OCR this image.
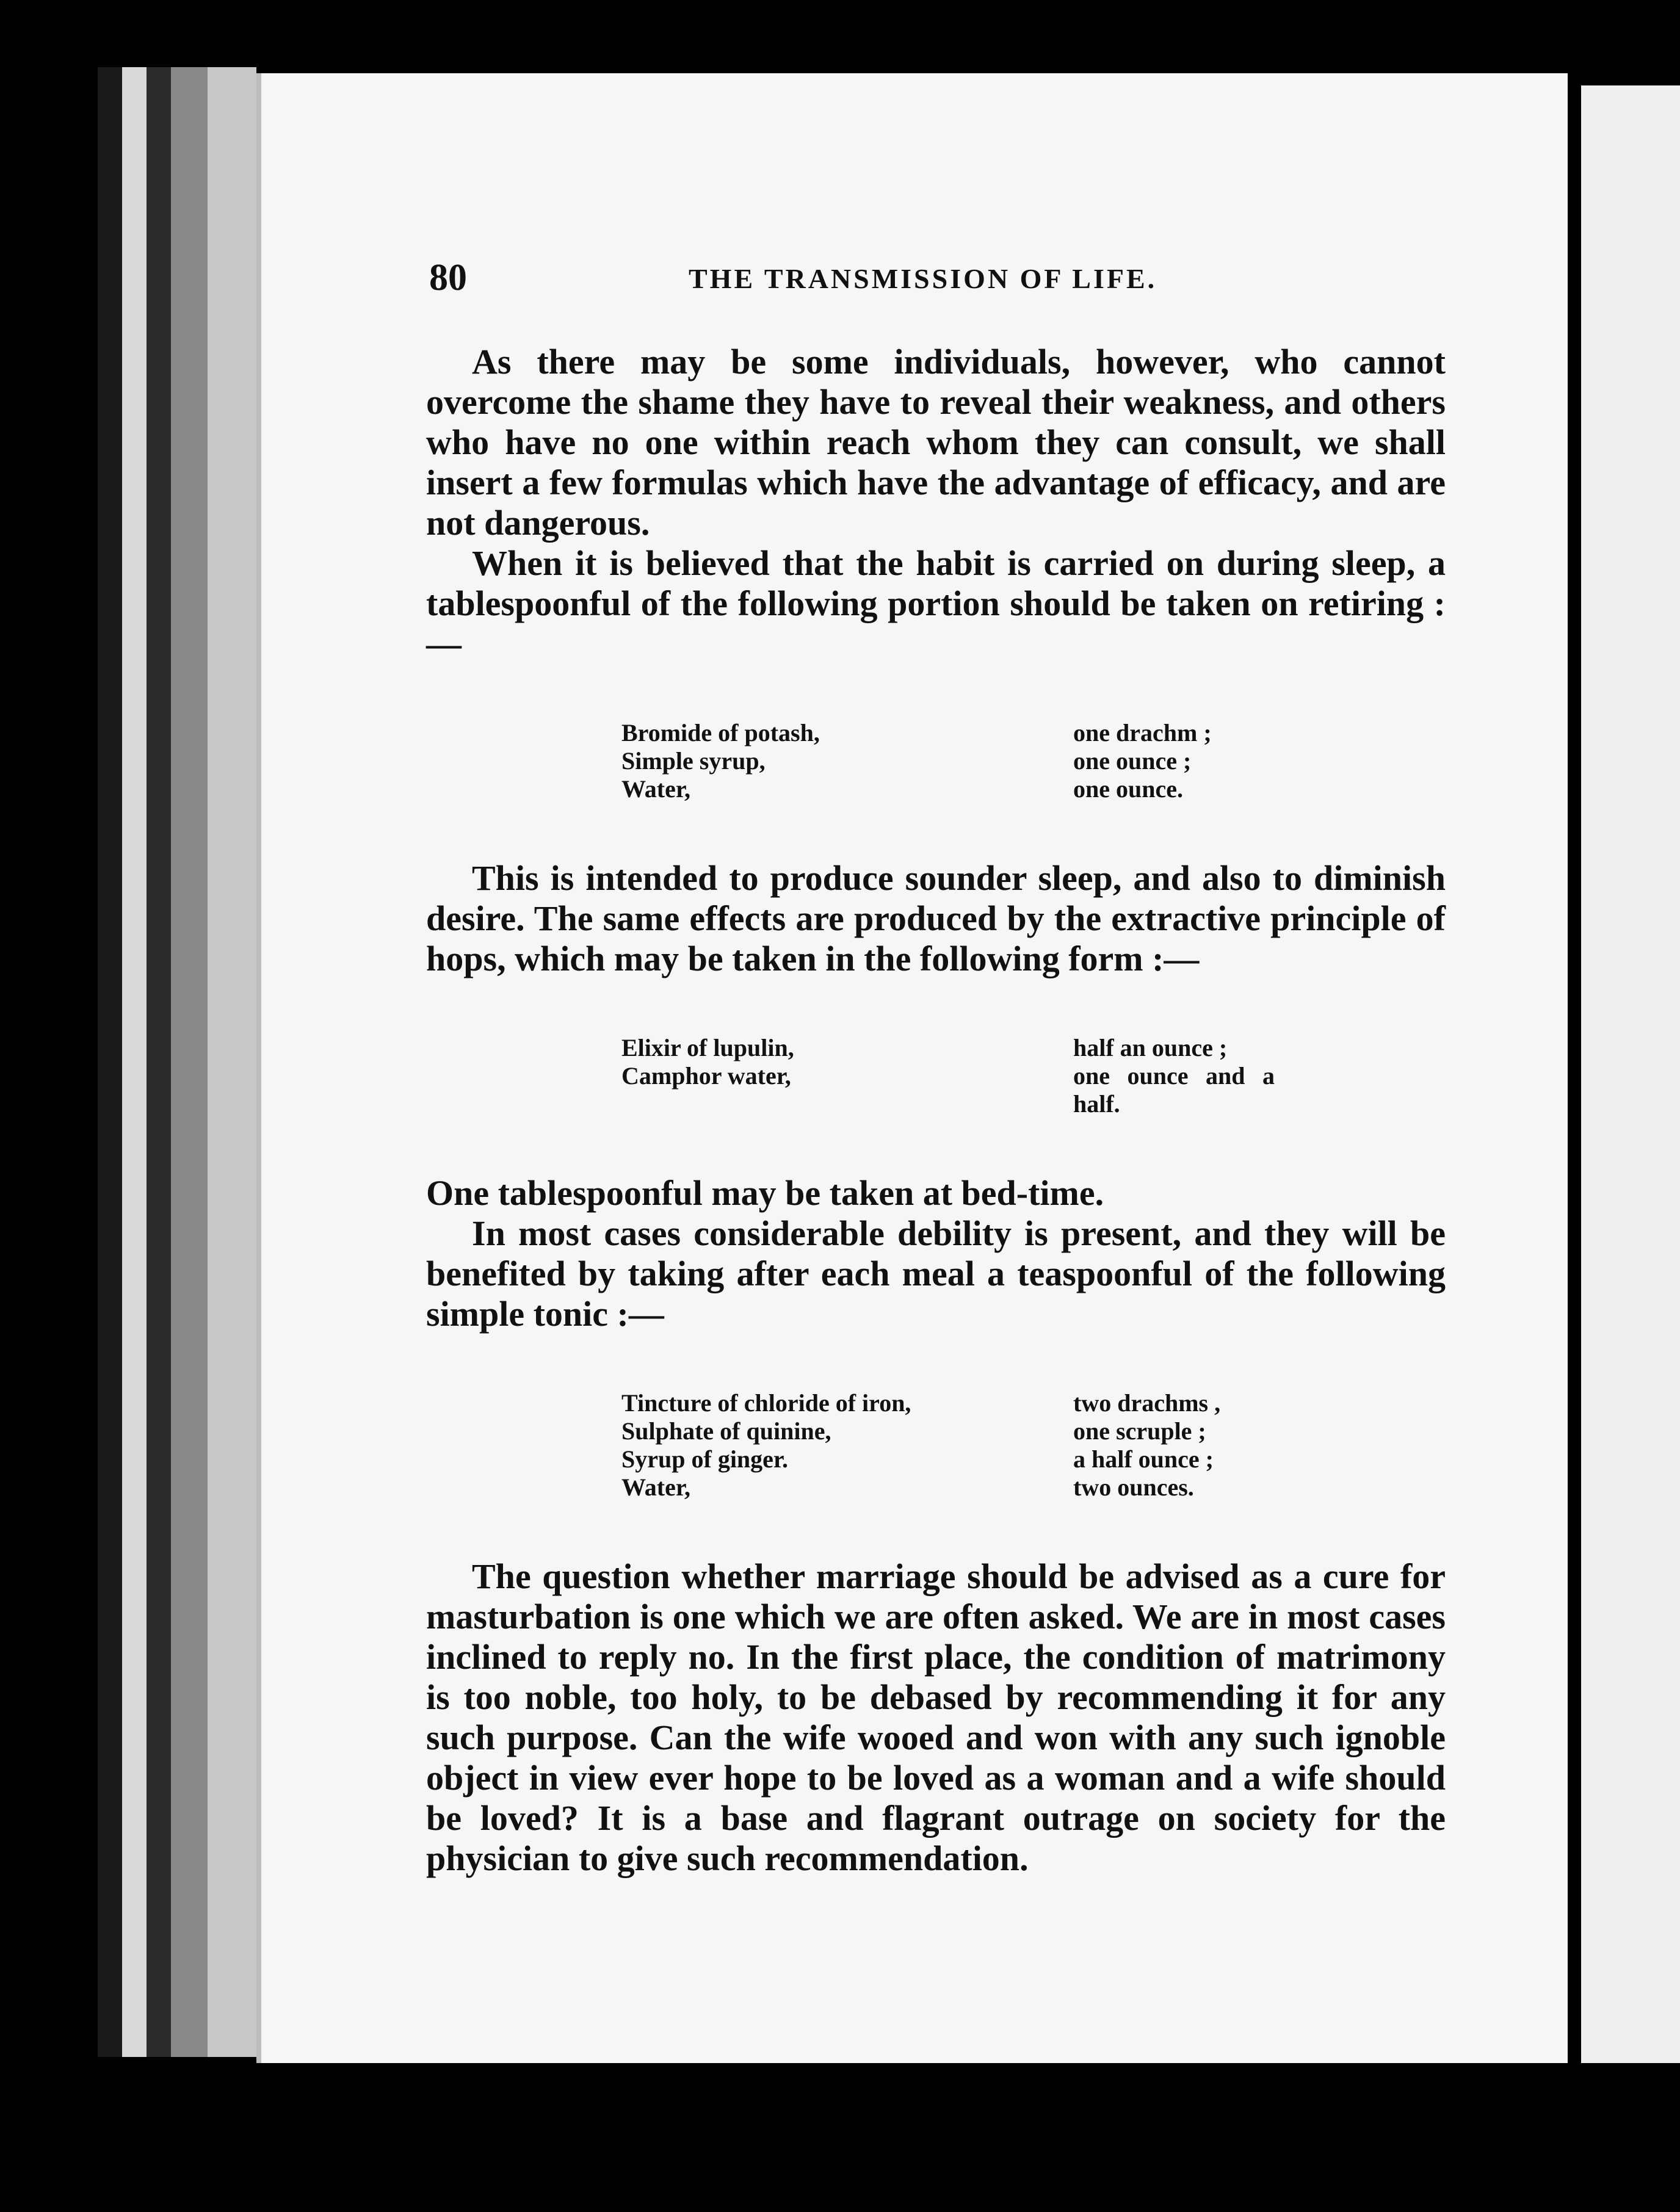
80	THE TRANSMISSION OF LIFE.

As there may be some individuals, however, who cannot overcome the shame they have to reveal their weakness, and others who have no one within reach whom they can consult, we shall insert a few formulas which have the advantage of efficacy, and are not dangerous.

When it is believed that the habit is carried on during sleep, a tablespoonful of the following portion should be taken on retiring :—

Bromide of potash,	one drachm ;
Simple syrup,	one ounce ;
Water,	one ounce.

This is intended to produce sounder sleep, and also to diminish desire. The same effects are produced by the extractive principle of hops, which may be taken in the following form :—

Elixir of lupulin,	half an ounce ;
Camphor water,	one ounce and a half.

One tablespoonful may be taken at bed-time.

In most cases considerable debility is present, and they will be benefited by taking after each meal a teaspoonful of the following simple tonic :—

Tincture of chloride of iron,	two drachms ,
Sulphate of quinine,	one scruple ;
Syrup of ginger.	a half ounce ;
Water,	two ounces.

The question whether marriage should be advised as a cure for masturbation is one which we are often asked. We are in most cases inclined to reply no. In the first place, the condition of matrimony is too noble, too holy, to be debased by recommending it for any such purpose. Can the wife wooed and won with any such ignoble object in view ever hope to be loved as a woman and a wife should be loved? It is a base and flagrant outrage on society for the physician to give such recommendation.
